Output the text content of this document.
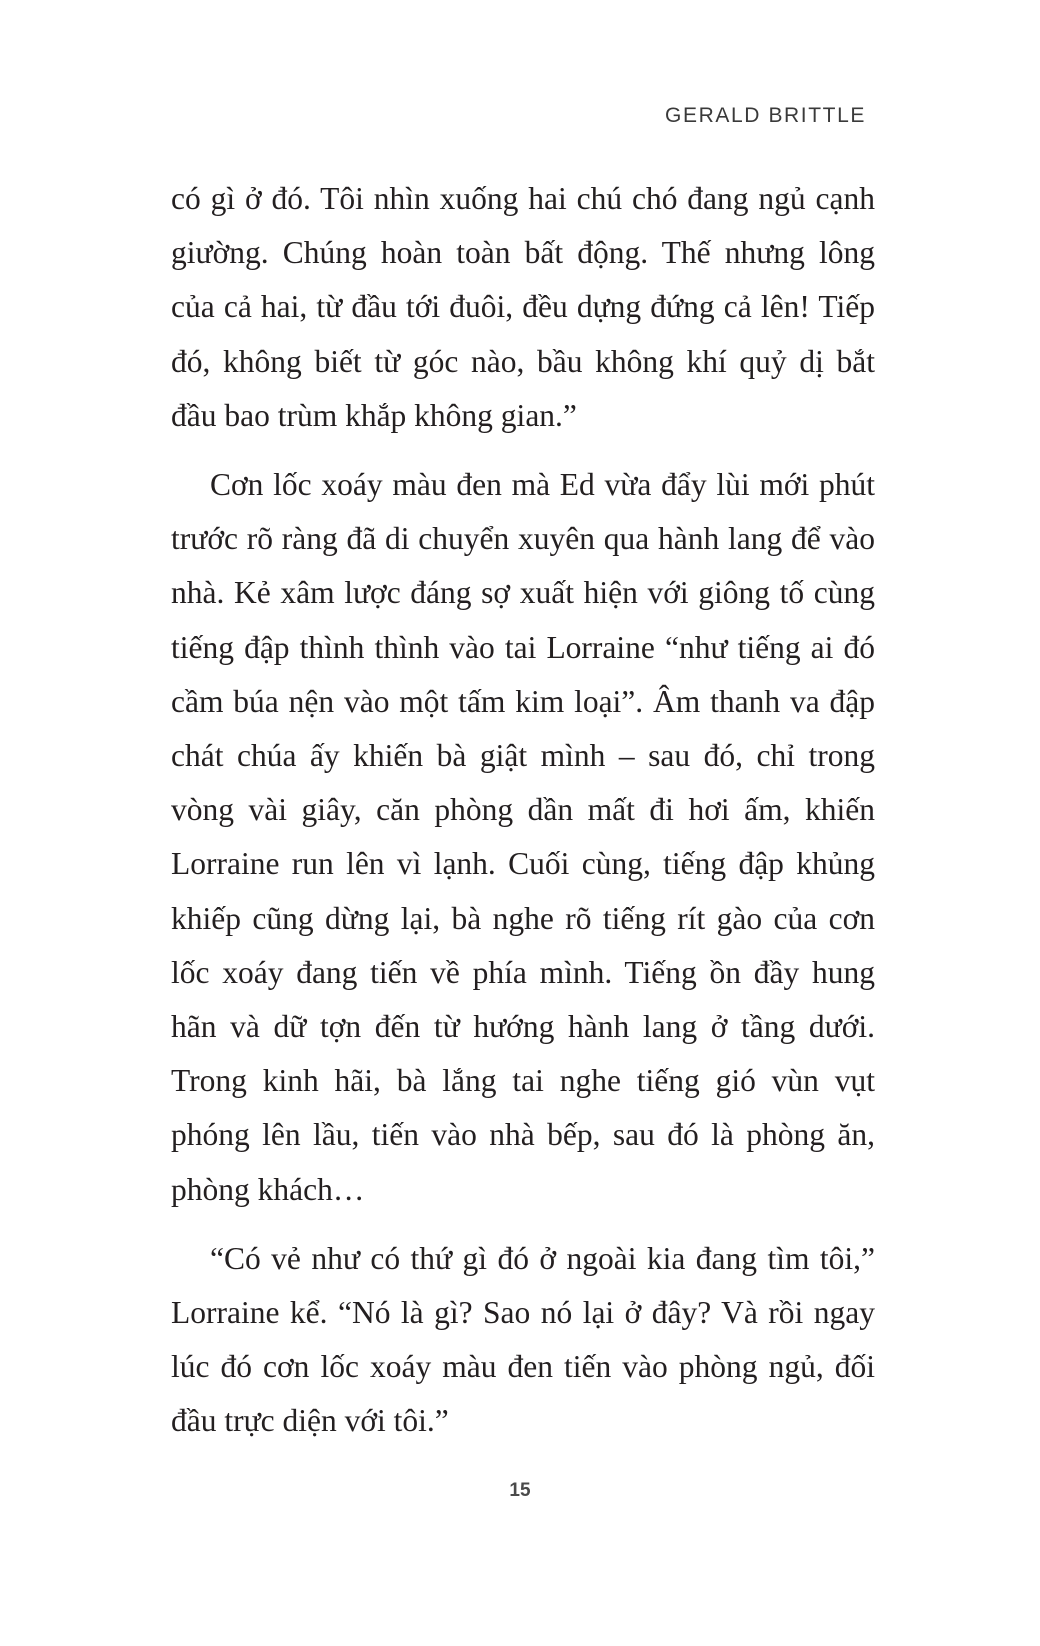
GERALD BRITTLE

có gì ở đó. Tôi nhìn xuống hai chú chó đang ngủ cạnh giường. Chúng hoàn toàn bất động. Thế nhưng lông của cả hai, từ đầu tới đuôi, đều dựng đứng cả lên! Tiếp đó, không biết từ góc nào, bầu không khí quỷ dị bắt đầu bao trùm khắp không gian.”

Cơn lốc xoáy màu đen mà Ed vừa đẩy lùi mới phút trước rõ ràng đã di chuyển xuyên qua hành lang để vào nhà. Kẻ xâm lược đáng sợ xuất hiện với giông tố cùng tiếng đập thình thình vào tai Lorraine “như tiếng ai đó cầm búa nện vào một tấm kim loại”. Âm thanh va đập chát chúa ấy khiến bà giật mình – sau đó, chỉ trong vòng vài giây, căn phòng dần mất đi hơi ấm, khiến Lorraine run lên vì lạnh. Cuối cùng, tiếng đập khủng khiếp cũng dừng lại, bà nghe rõ tiếng rít gào của cơn lốc xoáy đang tiến về phía mình. Tiếng ồn đầy hung hãn và dữ tợn đến từ hướng hành lang ở tầng dưới. Trong kinh hãi, bà lắng tai nghe tiếng gió vùn vụt phóng lên lầu, tiến vào nhà bếp, sau đó là phòng ăn, phòng khách…

“Có vẻ như có thứ gì đó ở ngoài kia đang tìm tôi,” Lorraine kể. “Nó là gì? Sao nó lại ở đây? Và rồi ngay lúc đó cơn lốc xoáy màu đen tiến vào phòng ngủ, đối đầu trực diện với tôi.”

15
